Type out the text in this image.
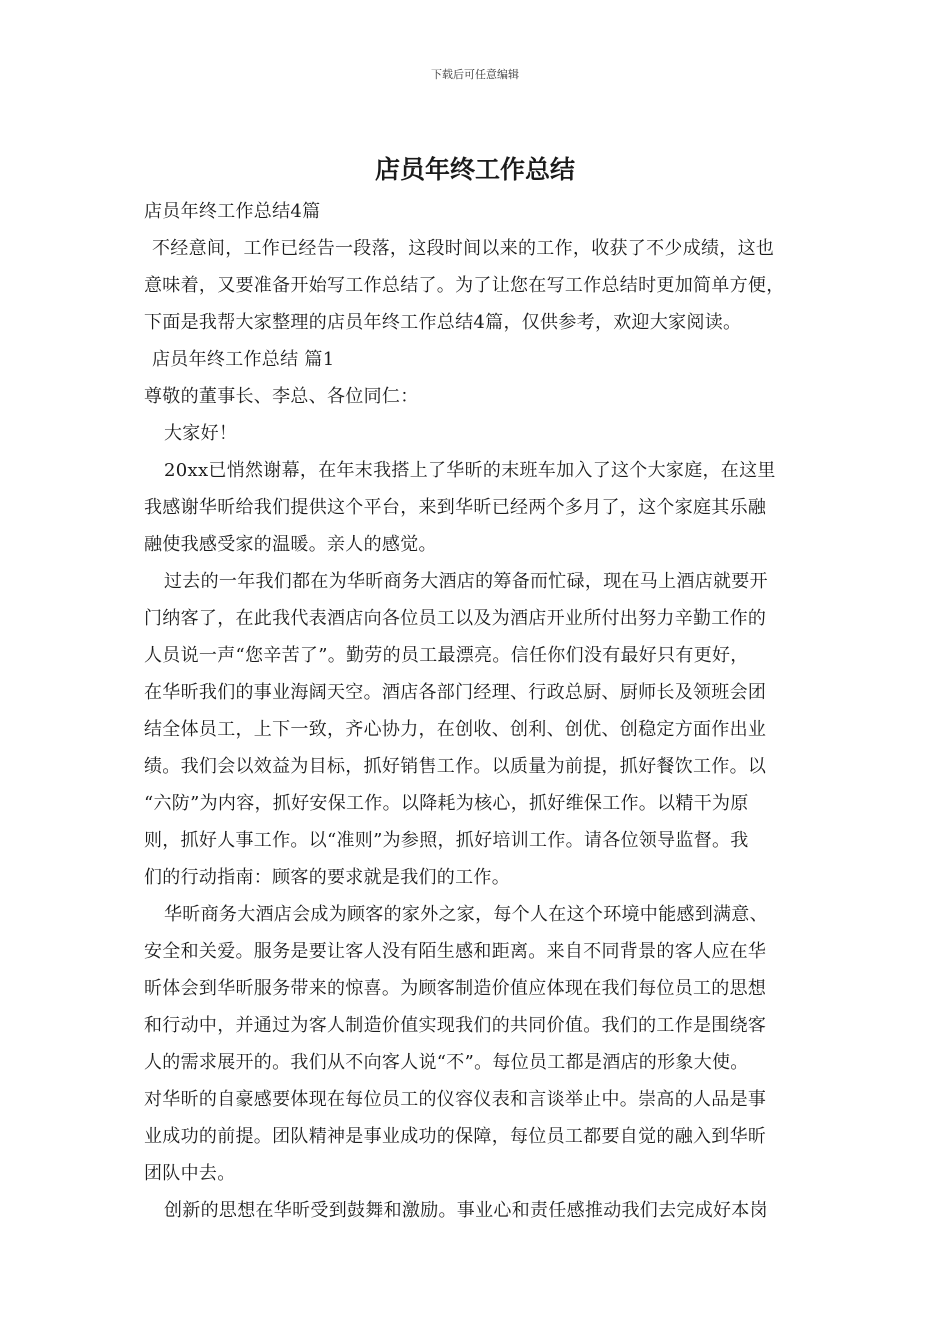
下载后可任意编辑
店员年终工作总结

店员年终工作总结4篇

不经意间，工作已经告一段落，这段时间以来的工作，收获了不少成绩，这也

意味着，又要准备开始写工作总结了。为了让您在写工作总结时更加简单方便，

下面是我帮大家整理的店员年终工作总结4篇，仅供参考，欢迎大家阅读。

店员年终工作总结 篇1

尊敬的董事长、李总、各位同仁：

大家好！

20xx已悄然谢幕，在年末我搭上了华昕的末班车加入了这个大家庭，在这里

我感谢华昕给我们提供这个平台，来到华昕已经两个多月了，这个家庭其乐融

融使我感受家的温暖。亲人的感觉。

过去的一年我们都在为华昕商务大酒店的筹备而忙碌，现在马上酒店就要开

门纳客了，在此我代表酒店向各位员工以及为酒店开业所付出努力辛勤工作的

人员说一声“您辛苦了”。勤劳的员工最漂亮。信任你们没有最好只有更好，

在华昕我们的事业海阔天空。酒店各部门经理、行政总厨、厨师长及领班会团

结全体员工，上下一致，齐心协力，在创收、创利、创优、创稳定方面作出业

绩。我们会以效益为目标，抓好销售工作。以质量为前提，抓好餐饮工作。以

“六防”为内容，抓好安保工作。以降耗为核心，抓好维保工作。以精干为原

则，抓好人事工作。以“准则”为参照，抓好培训工作。请各位领导监督。我

们的行动指南：顾客的要求就是我们的工作。

华昕商务大酒店会成为顾客的家外之家，每个人在这个环境中能感到满意、

安全和关爱。服务是要让客人没有陌生感和距离。来自不同背景的客人应在华

昕体会到华昕服务带来的惊喜。为顾客制造价值应体现在我们每位员工的思想

和行动中，并通过为客人制造价值实现我们的共同价值。我们的工作是围绕客

人的需求展开的。我们从不向客人说“不”。每位员工都是酒店的形象大使。

对华昕的自豪感要体现在每位员工的仪容仪表和言谈举止中。崇高的人品是事

业成功的前提。团队精神是事业成功的保障，每位员工都要自觉的融入到华昕

团队中去。

创新的思想在华昕受到鼓舞和激励。事业心和责任感推动我们去完成好本岗
